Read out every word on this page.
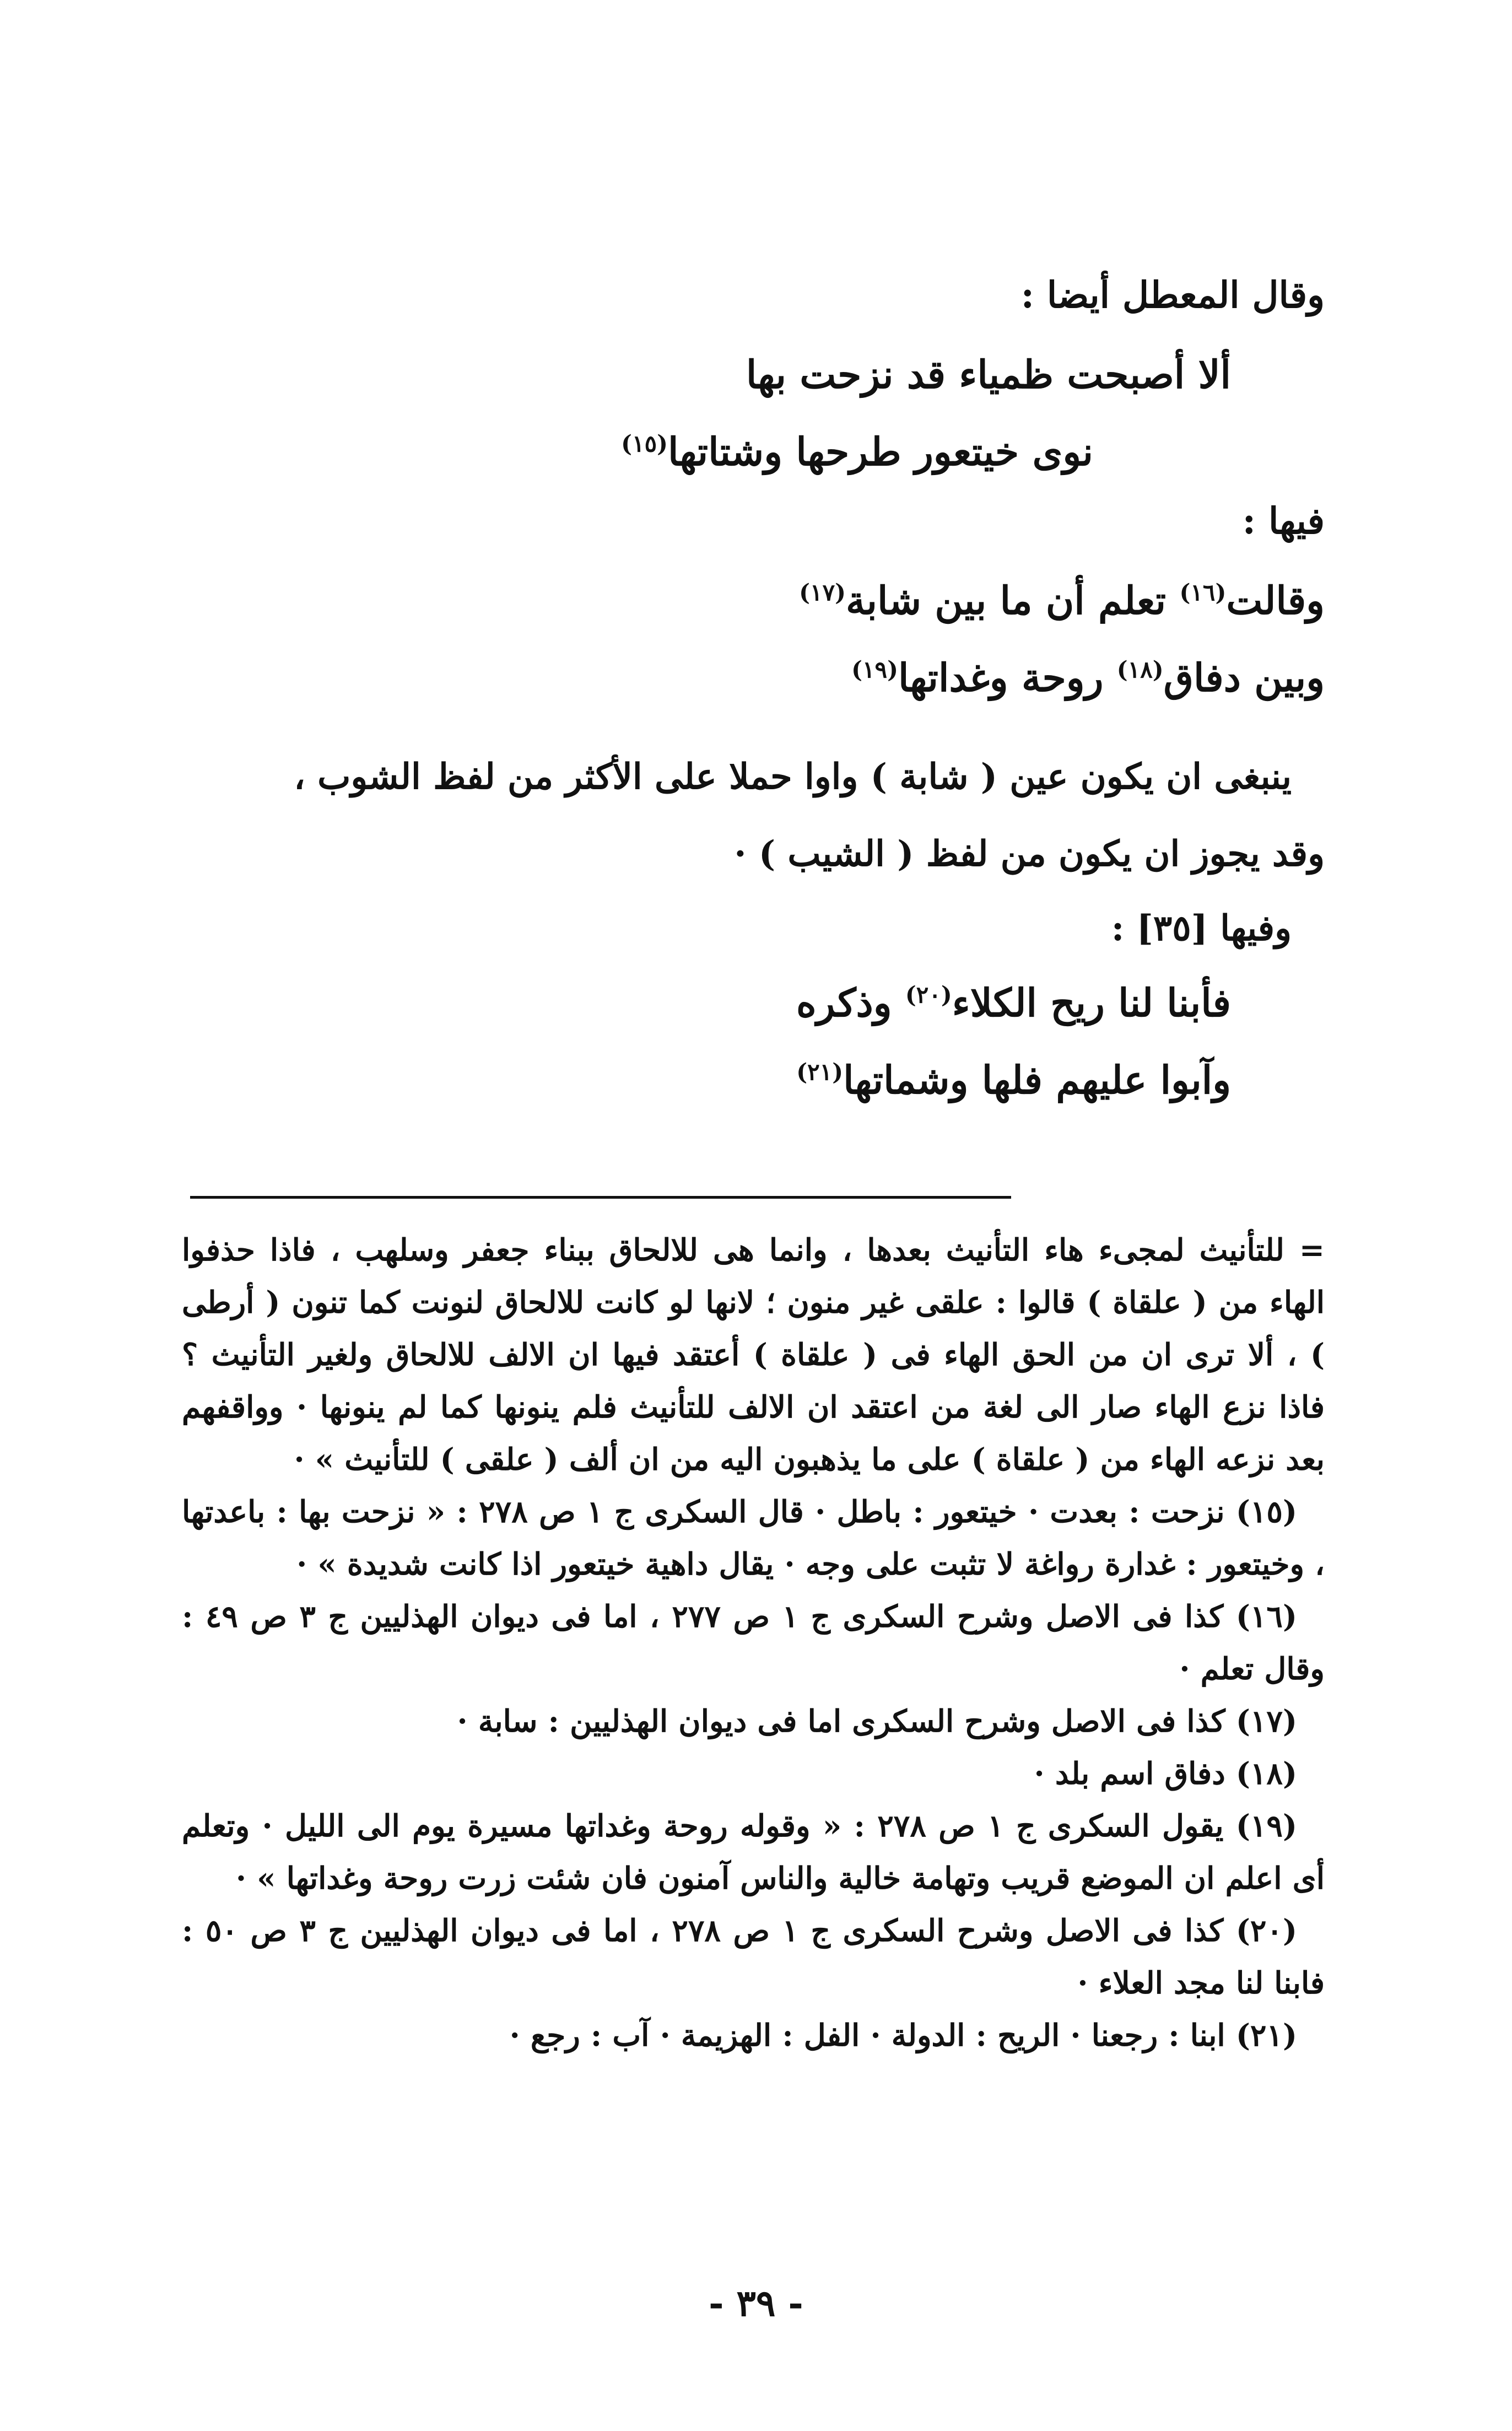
وقال المعطل أيضا :

ألا أصبحت ظمياء قد نزحت بها
نوى خيتعور طرحها وشتاتها$^{(١٥)}$

فيها :

وقالت$^{(١٦)}$ تعلم أن ما بين شابة$^{(١٧)}$
وبين دفاق$^{(١٨)}$ روحة وغداتها$^{(١٩)}$
ينبغى ان يكون عين ( شابة ) واوا حملا على الأكثر من لفظ الشوب ،
وقد يجوز ان يكون من لفظ ( الشيب ) ·
وفيها [٣٥] :
فأبنا لنا ريح الكلاء$^{(٢٠)}$ وذكره
وآبوا عليهم فلها وشماتها$^{(٢١)}$

= للتأنيث لمجىء هاء التأنيث بعدها ، وانما هى للالحاق ببناء جعفر وسلهب ، فاذا حذفوا الهاء من ( علقاة ) قالوا : علقى غير منون ؛ لانها لو كانت للالحاق لنونت كما تنون ( أرطى ) ، ألا ترى ان من الحق الهاء فى ( علقاة ) أعتقد فيها ان الالف للالحاق ولغير التأنيث ؟ فاذا نزع الهاء صار الى لغة من اعتقد ان الالف للتأنيث فلم ينونها كما لم ينونها · وواقفهم بعد نزعه الهاء من ( علقاة ) على ما يذهبون اليه من ان ألف ( علقى ) للتأنيث » ·

(١٥) نزحت : بعدت · خيتعور : باطل · قال السكرى ج ١ ص ٢٧٨ : « نزحت بها : باعدتها ، وخيتعور : غدارة رواغة لا تثبت على وجه · يقال داهية خيتعور اذا كانت شديدة » ·

(١٦) كذا فى الاصل وشرح السكرى ج ١ ص ٢٧٧ ، اما فى ديوان الهذليين ج ٣ ص ٤٩ : وقال تعلم ·

(١٧) كذا فى الاصل وشرح السكرى اما فى ديوان الهذليين : سابة ·

(١٨) دفاق اسم بلد ·

(١٩) يقول السكرى ج ١ ص ٢٧٨ : « وقوله روحة وغداتها مسيرة يوم الى الليل · وتعلم أى اعلم ان الموضع قريب وتهامة خالية والناس آمنون فان شئت زرت روحة وغداتها » ·

(٢٠) كذا فى الاصل وشرح السكرى ج ١ ص ٢٧٨ ، اما فى ديوان الهذليين ج ٣ ص ٥٠ : فابنا لنا مجد العلاء ·

(٢١) ابنا : رجعنا · الريح : الدولة · الفل : الهزيمة · آب : رجع ·

- ٣٩ -
